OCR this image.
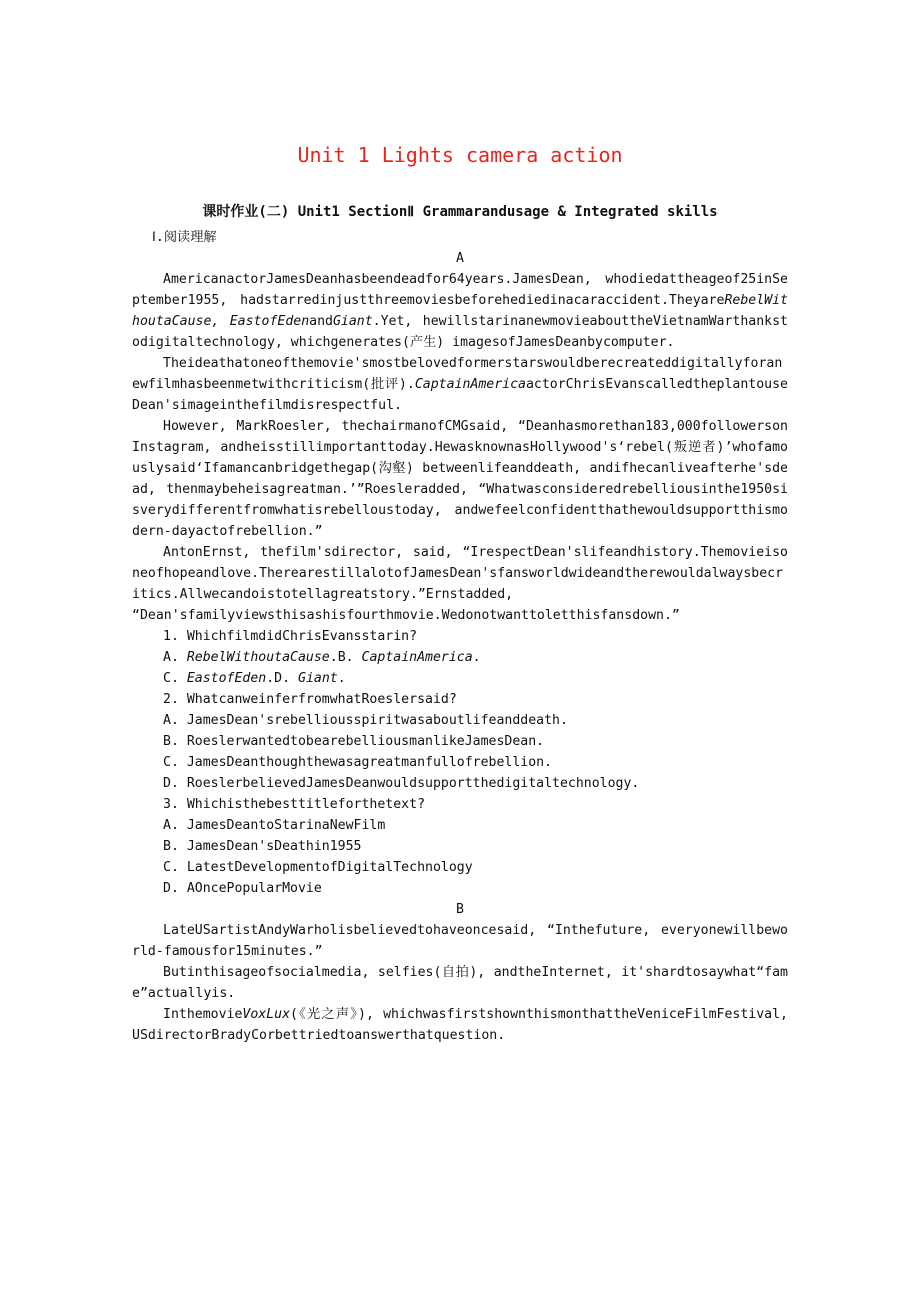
Unit 1 Lights camera action
课时作业(二) Unit1 SectionⅡ Grammarandusage & Integrated skills

Ⅰ.阅读理解

A

AmericanactorJamesDeanhasbeendeadfor64years.JamesDean, whodiedattheageof25inSeptember1955, hadstarredinjustthreemoviesbeforehediedinacaraccident.TheyareRebelWithoutaCause, EastofEdenandGiant.Yet, hewillstarinanewmovieabouttheVietnamWarthankstodigitaltechnology, whichgenerates(产生) imagesofJamesDeanbycomputer.

Theideathatoneofthemovie'smostbelovedformerstarswouldberecreateddigitallyforanewfilmhasbeenmetwithcriticism(批评).CaptainAmericaactorChrisEvanscalledtheplantouseDean'simageinthefilmdisrespectful.

However, MarkRoesler, thechairmanofCMGsaid, “Deanhasmorethan183,000followersonInstagram, andheisstillimportanttoday.HewasknownasHollywood's‘rebel(叛逆者)’whofamouslysaid‘Ifamancanbridgethegap(沟壑) betweenlifeanddeath, andifhecanliveafterhe'sdead, thenmaybeheisagreatman.’”Roesleradded, “Whatwasconsideredrebelliousinthe1950sisverydifferentfromwhatisrebelloustoday, andwefeelconfidentthathewouldsupportthismodern-dayactofrebellion.”

AntonErnst, thefilm'sdirector, said, “IrespectDean'slifeandhistory.Themovieisoneofhopeandlove.TherearestillalotofJamesDean'sfansworldwideandtherewouldalwaysbecritics.Allwecandoistotellagreatstory.”Ernstadded,

“Dean'sfamilyviewsthisashisfourthmovie.Wedonotwanttoletthisfansdown.”

1. WhichfilmdidChrisEvansstarin?

A. RebelWithoutaCause.B. CaptainAmerica.

C. EastofEden.D. Giant.

2. WhatcanweinferfromwhatRoeslersaid?

A. JamesDean'srebelliousspiritwasaboutlifeanddeath.

B. RoeslerwantedtobearebelliousmanlikeJamesDean.

C. JamesDeanthoughthewasagreatmanfullofrebellion.

D. RoeslerbelievedJamesDeanwouldsupportthedigitaltechnology.

3. Whichisthebesttitleforthetext?

A. JamesDeantoStarinaNewFilm

B. JamesDean'sDeathin1955

C. LatestDevelopmentofDigitalTechnology

D. AOncePopularMovie

B

LateUSartistAndyWarholisbelievedtohaveoncesaid, “Inthefuture, everyonewillbeworld-famousfor15minutes.”

Butinthisageofsocialmedia, selfies(自拍), andtheInternet, it'shardtosaywhat“fame”actuallyis.

InthemovieVoxLux(《光之声》), whichwasfirstshownthismonthattheVeniceFilmFestival, USdirectorBradyCorbettriedtoanswerthatquestion.
